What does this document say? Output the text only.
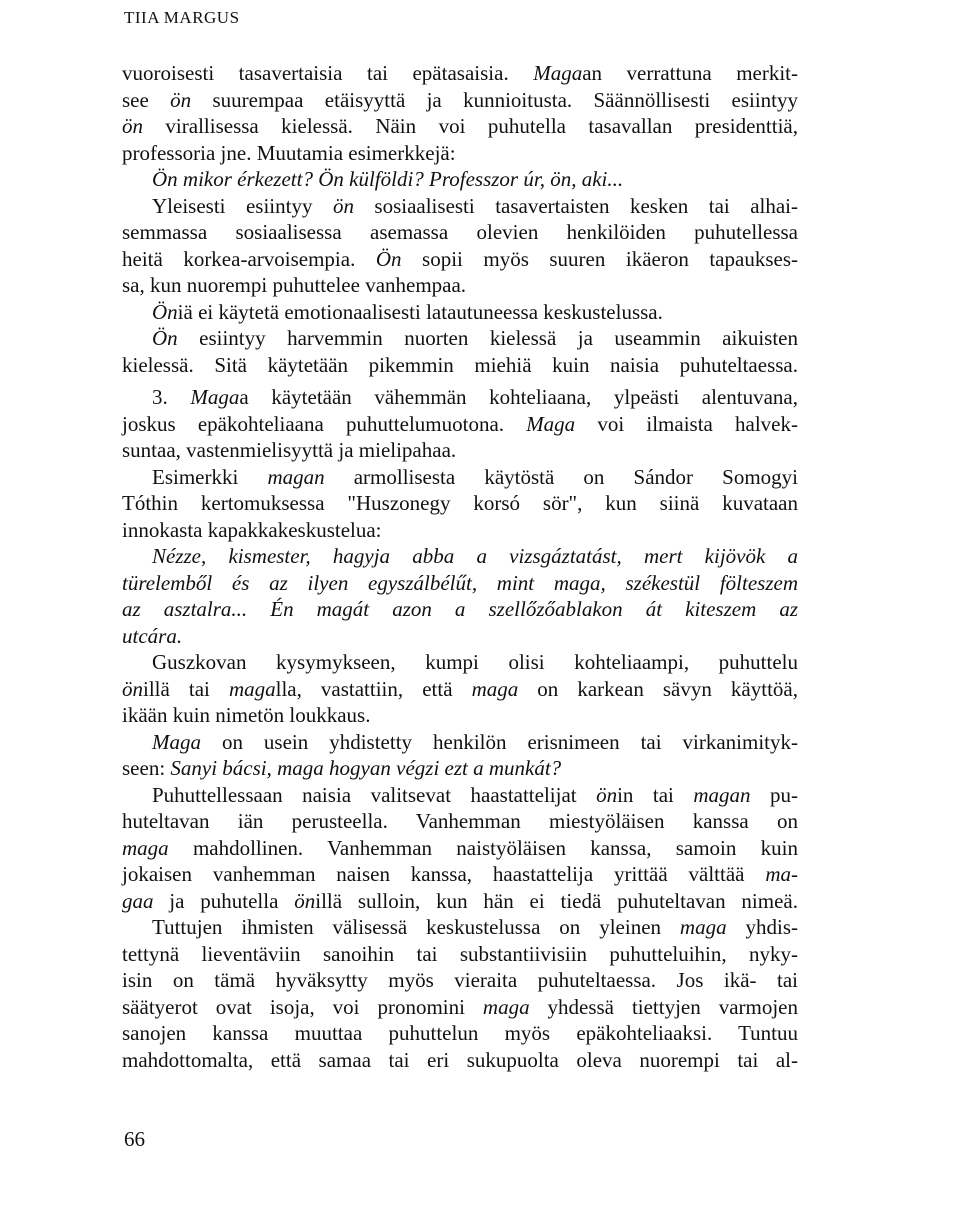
TIIA MARGUS
vuoroisesti tasavertaisia tai epätasaisia. Magaan verrattuna merkit-
see ön suurempaa etäisyyttä ja kunnioitusta. Säännöllisesti esiintyy
ön virallisessa kielessä. Näin voi puhutella tasavallan presidenttiä,
professoria jne. Muutamia esimerkkejä:
Ön mikor érkezett? Ön külföldi? Professzor úr, ön, aki...
Yleisesti esiintyy ön sosiaalisesti tasavertaisten kesken tai alhai-
semmassa sosiaalisessa asemassa olevien henkilöiden puhutellessa
heitä korkea-arvoisempia. Ön sopii myös suuren ikäeron tapaukses-
sa, kun nuorempi puhuttelee vanhempaa.
Öniä ei käytetä emotionaalisesti latautuneessa keskustelussa.
Ön esiintyy harvemmin nuorten kielessä ja useammin aikuisten
kielessä. Sitä käytetään pikemmin miehiä kuin naisia puhuteltaessa.
3. Magaa käytetään vähemmän kohteliaana, ylpeästi alentuvana,
joskus epäkohteliaana puhuttelumuotona. Maga voi ilmaista halvek-
suntaa, vastenmielisyyttä ja mielipahaa.
Esimerkki magan armollisesta käytöstä on Sándor Somogyi
Tóthin kertomuksessa "Huszonegy korsó sör", kun siinä kuvataan
innokasta kapakkakeskustelua:
Nézze, kismester, hagyja abba a vizsgáztatást, mert kijövök a
türelemből és az ilyen egyszálbélűt, mint maga, székestül fölteszem
az asztalra... Én magát azon a szellőzőablakon át kiteszem az
utcára.
Guszkovan kysymykseen, kumpi olisi kohteliaampi, puhuttelu
önillä tai magalla, vastattiin, että maga on karkean sävyn käyttöä,
ikään kuin nimetön loukkaus.
Maga on usein yhdistetty henkilön erisnimeen tai virkanimityk-
seen: Sanyi bácsi, maga hogyan végzi ezt a munkát?
Puhuttellessaan naisia valitsevat haastattelijat önin tai magan pu-
huteltavan iän perusteella. Vanhemman miestyöläisen kanssa on
maga mahdollinen. Vanhemman naistyöläisen kanssa, samoin kuin
jokaisen vanhemman naisen kanssa, haastattelija yrittää välttää ma-
gaa ja puhutella önillä sulloin, kun hän ei tiedä puhuteltavan nimeä.
Tuttujen ihmisten välisessä keskustelussa on yleinen maga yhdis-
tettynä lieventäviin sanoihin tai substantiivisiin puhutteluihin, nyky-
isin on tämä hyväksytty myös vieraita puhuteltaessa. Jos ikä- tai
säätyerot ovat isoja, voi pronomini maga yhdessä tiettyjen varmojen
sanojen kanssa muuttaa puhuttelun myös epäkohteliaaksi. Tuntuu
mahdottomalta, että samaa tai eri sukupuolta oleva nuorempi tai al-
66
